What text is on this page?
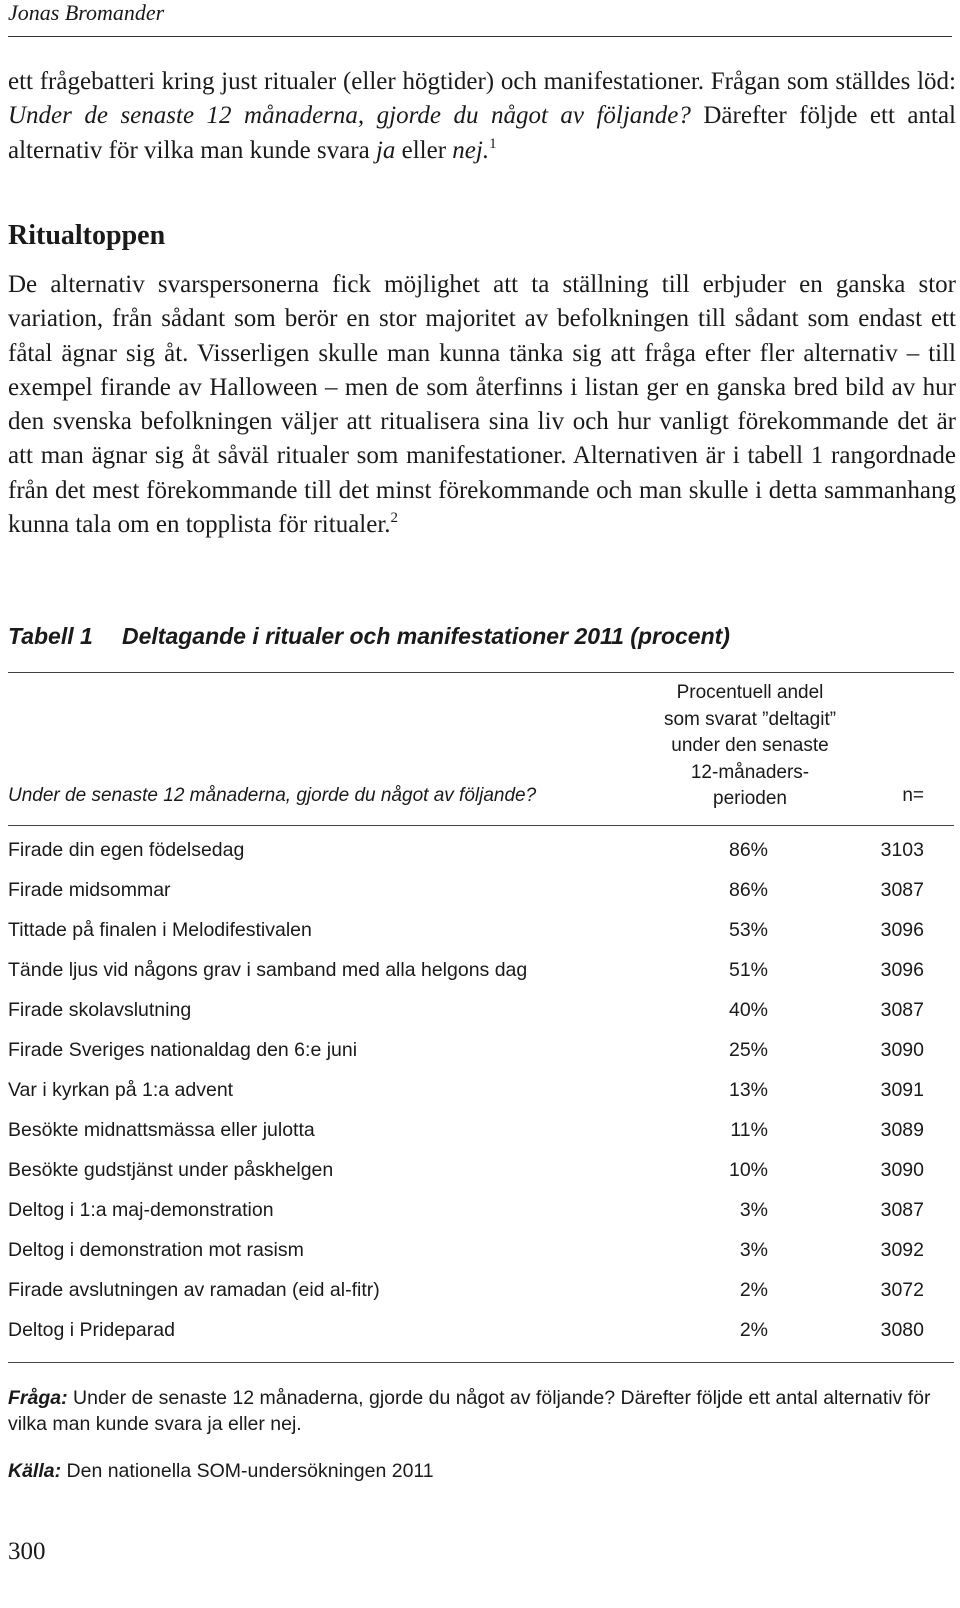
Jonas Bromander

ett frågebatteri kring just ritualer (eller högtider) och manifestationer. Frågan som ställdes löd: Under de senaste 12 månaderna, gjorde du något av följande? Därefter följde ett antal alternativ för vilka man kunde svara ja eller nej.$^1$

Ritualtoppen

De alternativ svarspersonerna fick möjlighet att ta ställning till erbjuder en ganska stor variation, från sådant som berör en stor majoritet av befolkningen till sådant som endast ett fåtal ägnar sig åt. Visserligen skulle man kunna tänka sig att fråga efter fler alternativ – till exempel firande av Halloween – men de som återfinns i listan ger en ganska bred bild av hur den svenska befolkningen väljer att ritualisera sina liv och hur vanligt förekommande det är att man ägnar sig åt såväl ritualer som manifestationer. Alternativen är i tabell 1 rangordnade från det mest förekommande till det minst förekommande och man skulle i detta sammanhang kunna tala om en topplista för ritualer.$^2$

Tabell 1 Deltagande i ritualer och manifestationer 2011 (procent)
Under de senaste 12 månaderna, gjorde du något av följande?
Procentuell andel
som svarat ”deltagit”
under den senaste
12-månaders-
perioden	n=
Firade din egen födelsedag	86%	3103
Firade midsommar	86%	3087
Tittade på finalen i Melodifestivalen	53%	3096
Tände ljus vid någons grav i samband med alla helgons dag	51%	3096
Firade skolavslutning	40%	3087
Firade Sveriges nationaldag den 6:e juni	25%	3090
Var i kyrkan på 1:a advent	13%	3091
Besökte midnattsmässa eller julotta	11%	3089
Besökte gudstjänst under påskhelgen	10%	3090
Deltog i 1:a maj-demonstration	3%	3087
Deltog i demonstration mot rasism	3%	3092
Firade avslutningen av ramadan (eid al-fitr)	2%	3072
Deltog i Prideparad	2%	3080
Fråga: Under de senaste 12 månaderna, gjorde du något av följande? Därefter följde ett antal alternativ för vilka man kunde svara ja eller nej.
Källa: Den nationella SOM-undersökningen 2011
300
